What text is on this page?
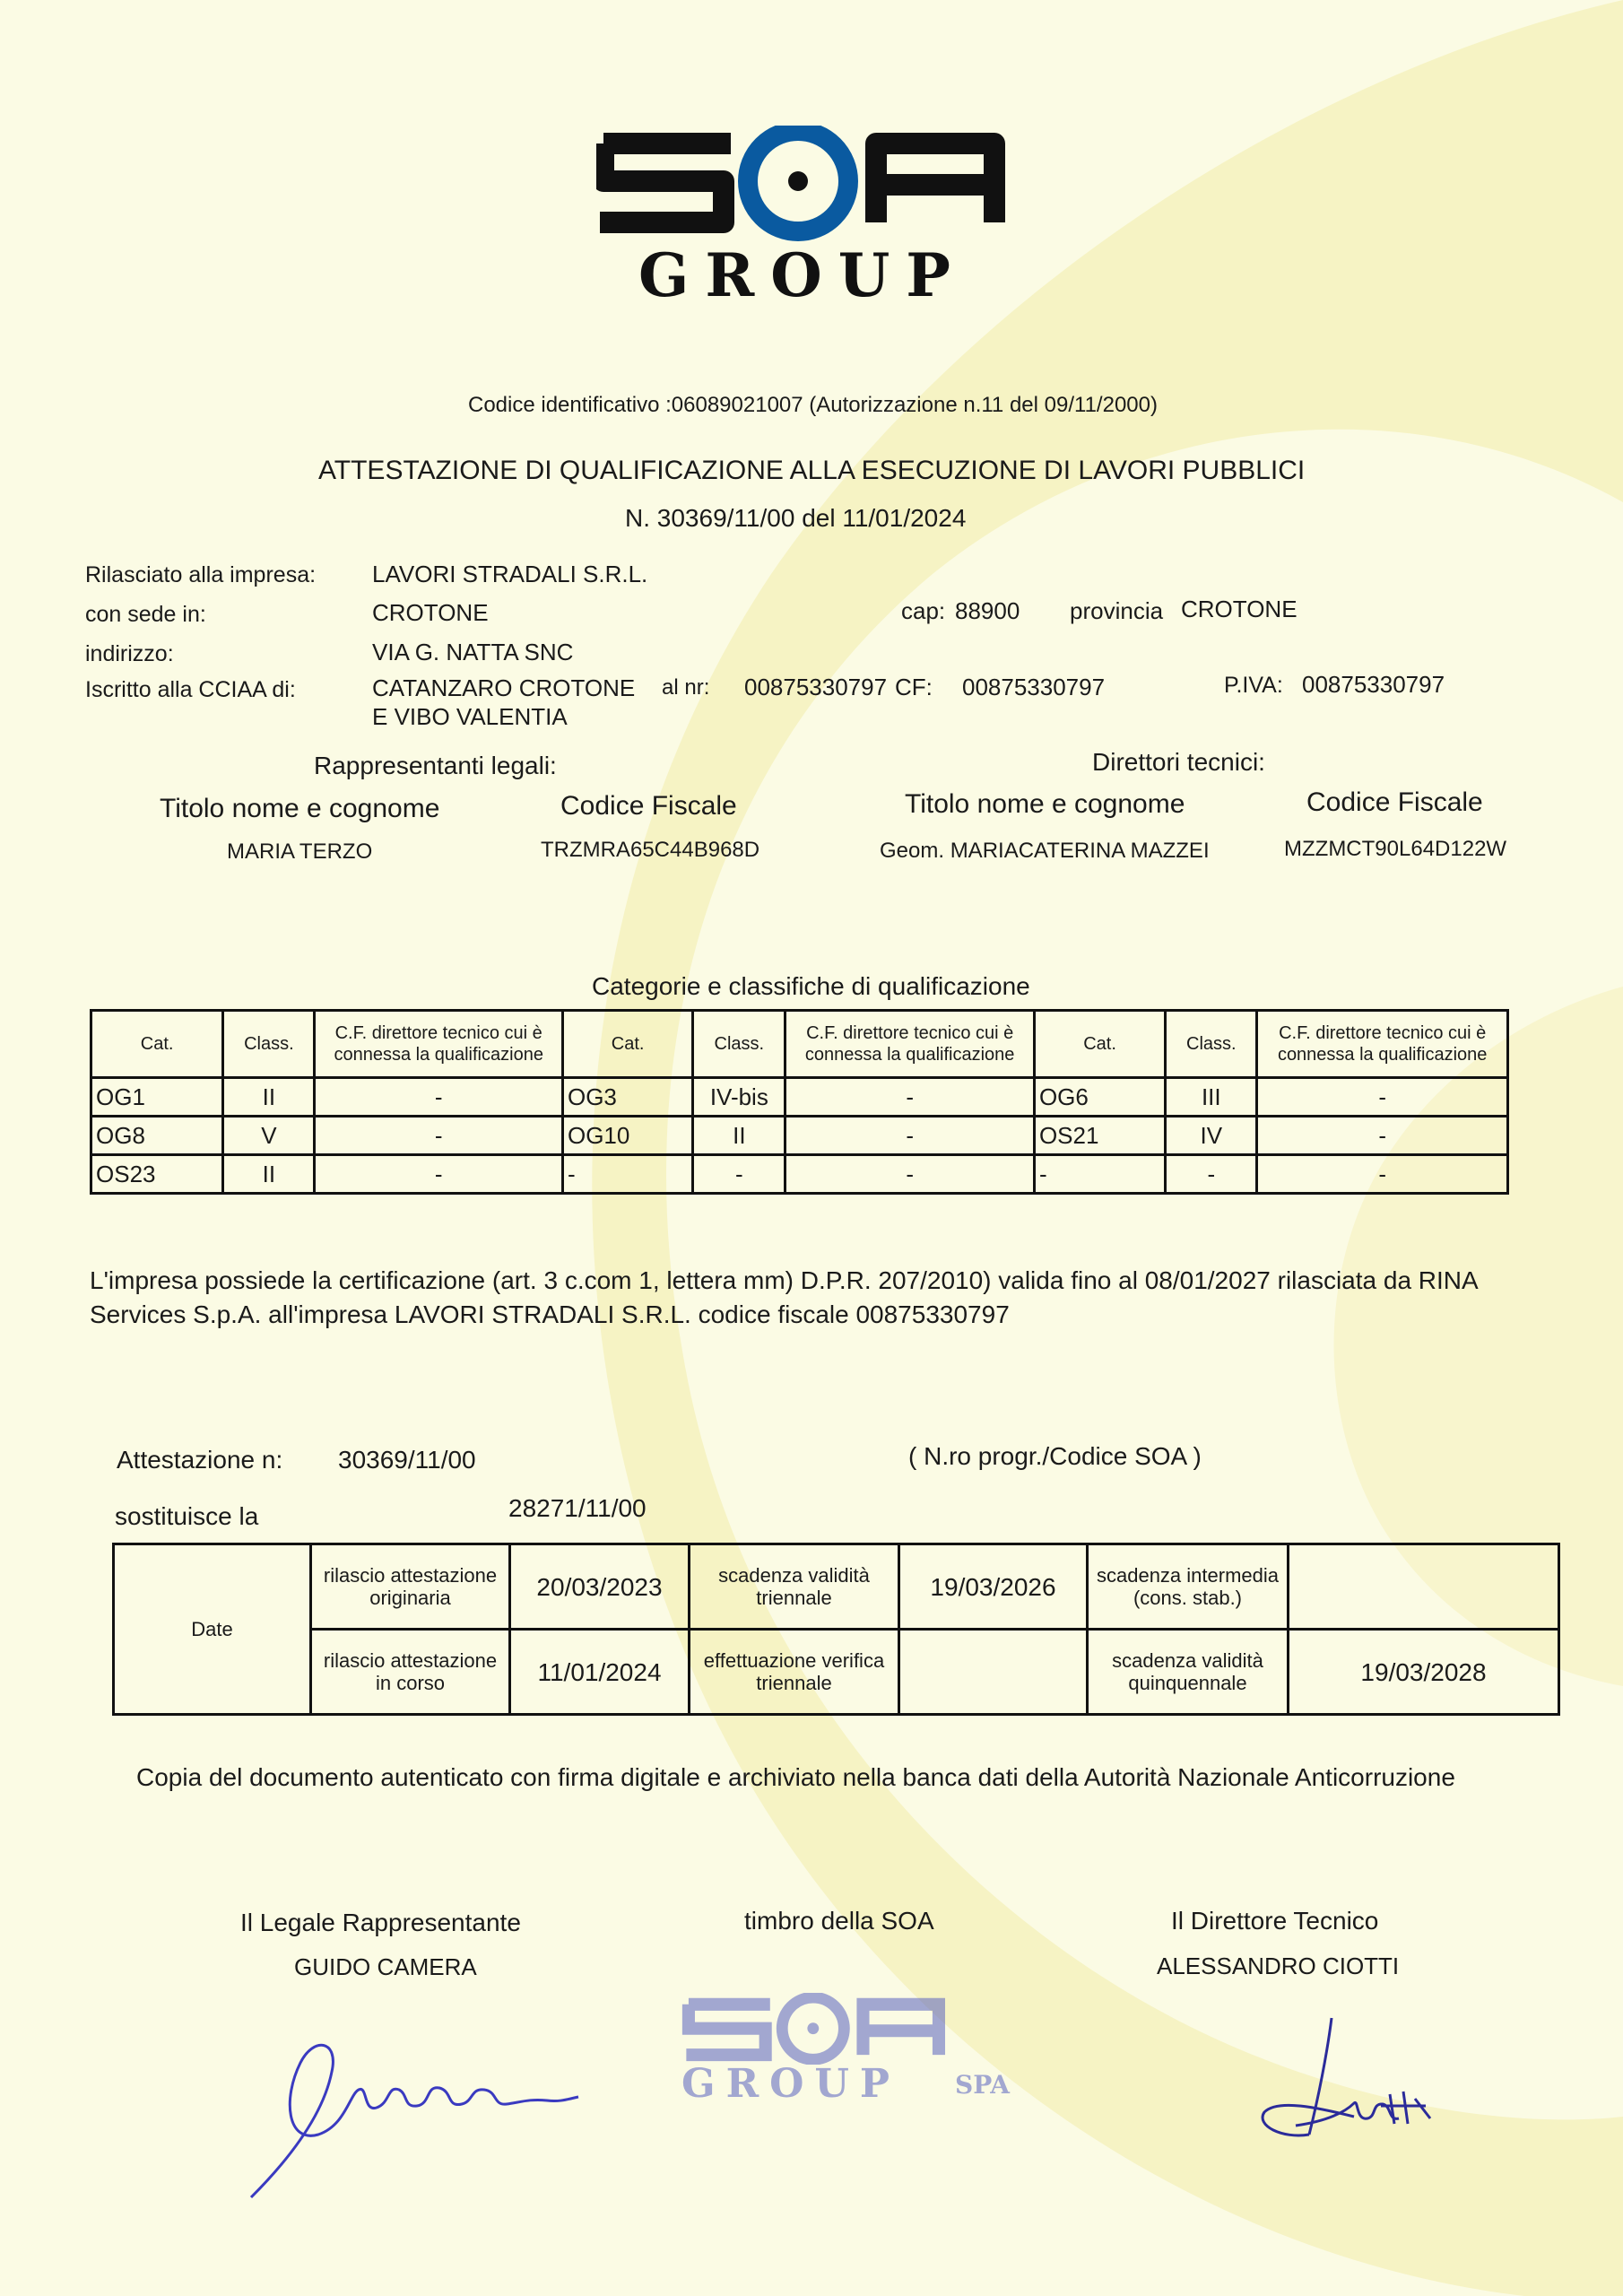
GROUP
Codice identificativo :06089021007 (Autorizzazione n.11 del 09/11/2000)
ATTESTAZIONE DI QUALIFICAZIONE ALLA ESECUZIONE DI LAVORI PUBBLICI
N. 30369/11/00 del 11/01/2024
Rilasciato alla impresa: LAVORI STRADALI S.R.L.
con sede in:	CROTONE	cap: 88900 provincia CROTONE
indirizzo:	VIA G. NATTA SNC
Iscritto alla CCIAA di:	CATANZARO CROTONE
E VIBO VALENTIA
al nr: 00875330797 CF: 00875330797	P.IVA: 00875330797
Rappresentanti legali:	Direttori tecnici:
Titolo nome e cognome	Codice Fiscale	Titolo nome e cognome	Codice Fiscale
MARIA TERZO	TRZMRA65C44B968D	Geom. MARIACATERINA MAZZEI	MZZMCT90L64D122W
Categorie e classifiche di qualificazione
Cat.	Class.	C.F. direttore tecnico cui è connessa la qualificazione	Cat.	Class.	C.F. direttore tecnico cui è connessa la qualificazione	Cat.	Class.	C.F. direttore tecnico cui è connessa la qualificazione
OG1	II	-	OG3	IV-bis	-	OG6	III	-
OG8	V	-	OG10	II	-	OS21	IV	-
OS23	II	-	-	-	-	-	-	-
L'impresa possiede la certificazione (art. 3 c.com 1, lettera mm) D.P.R. 207/2010) valida fino al 08/01/2027 rilasciata da RINA
Services S.p.A. all'impresa LAVORI STRADALI S.R.L. codice fiscale 00875330797
Attestazione n: 30369/11/00	( N.ro progr./Codice SOA )
sostituisce la	28271/11/00
Date	rilascio attestazione originaria	20/03/2023	scadenza validità triennale	19/03/2026	scadenza intermedia (cons. stab.)	
	rilascio attestazione in corso	11/01/2024	effettuazione verifica triennale		scadenza validità quinquennale	19/03/2028
Copia del documento autenticato con firma digitale e archiviato nella banca dati della Autorità Nazionale Anticorruzione
Il Legale Rappresentante
GUIDO CAMERA
timbro della SOA	Il Direttore Tecnico
ALESSANDRO CIOTTI
GROUP SPA
